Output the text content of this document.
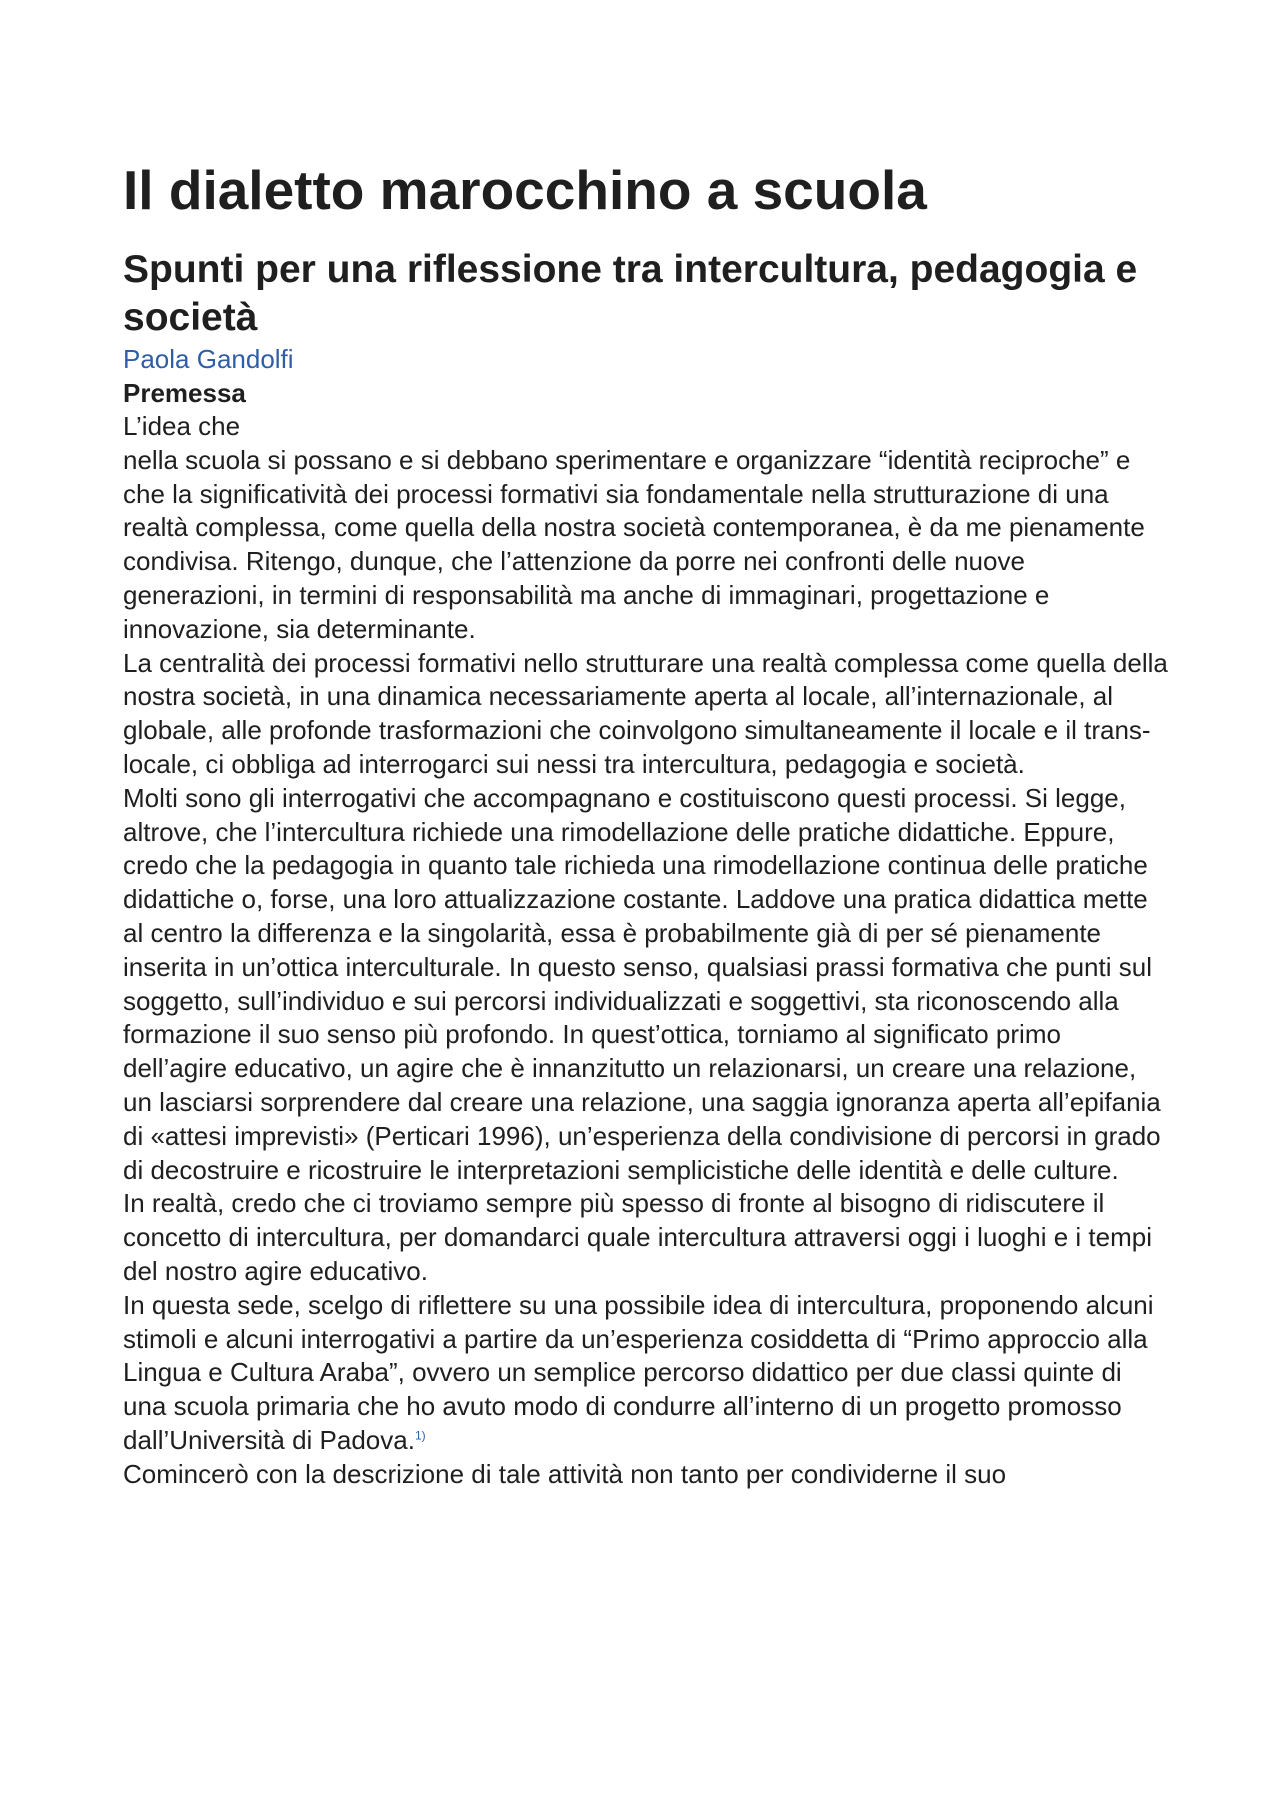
Il dialetto marocchino a scuola
Spunti per una riflessione tra intercultura, pedagogia e società
Paola Gandolfi
Premessa

L’idea che

nella scuola si possano e si debbano sperimentare e organizzare “identità reciproche” e che la significatività dei processi formativi sia fondamentale nella strutturazione di una realtà complessa, come quella della nostra società contemporanea, è da me pienamente condivisa. Ritengo, dunque, che l’attenzione da porre nei confronti delle nuove generazioni, in termini di responsabilità ma anche di immaginari, progettazione e innovazione, sia determinante.

La centralità dei processi formativi nello strutturare una realtà complessa come quella della nostra società, in una dinamica necessariamente aperta al locale, all’internazionale, al globale, alle profonde trasformazioni che coinvolgono simultaneamente il locale e il trans-locale, ci obbliga ad interrogarci sui nessi tra intercultura, pedagogia e società.

Molti sono gli interrogativi che accompagnano e costituiscono questi processi. Si legge, altrove, che l’intercultura richiede una rimodellazione delle pratiche didattiche. Eppure, credo che la pedagogia in quanto tale richieda una rimodellazione continua delle pratiche didattiche o, forse, una loro attualizzazione costante. Laddove una pratica didattica mette al centro la differenza e la singolarità, essa è probabilmente già di per sé pienamente inserita in un’ottica interculturale. In questo senso, qualsiasi prassi formativa che punti sul soggetto, sull’individuo e sui percorsi individualizzati e soggettivi, sta riconoscendo alla formazione il suo senso più profondo. In quest’ottica, torniamo al significato primo dell’agire educativo, un agire che è innanzitutto un relazionarsi, un creare una relazione, un lasciarsi sorprendere dal creare una relazione, una saggia ignoranza aperta all’epifania di «attesi imprevisti» (Perticari 1996), un’esperienza della condivisione di percorsi in grado di decostruire e ricostruire le interpretazioni semplicistiche delle identità e delle culture.

In realtà, credo che ci troviamo sempre più spesso di fronte al bisogno di ridiscutere il concetto di intercultura, per domandarci quale intercultura attraversi oggi i luoghi e i tempi del nostro agire educativo.

In questa sede, scelgo di riflettere su una possibile idea di intercultura, proponendo alcuni stimoli e alcuni interrogativi a partire da un’esperienza cosiddetta di “Primo approccio alla Lingua e Cultura Araba”, ovvero un semplice percorso didattico per due classi quinte di una scuola primaria che ho avuto modo di condurre all’interno di un progetto promosso dall’Università di Padova.$^{1)}$

Comincerò con la descrizione di tale attività non tanto per condividerne il suo
